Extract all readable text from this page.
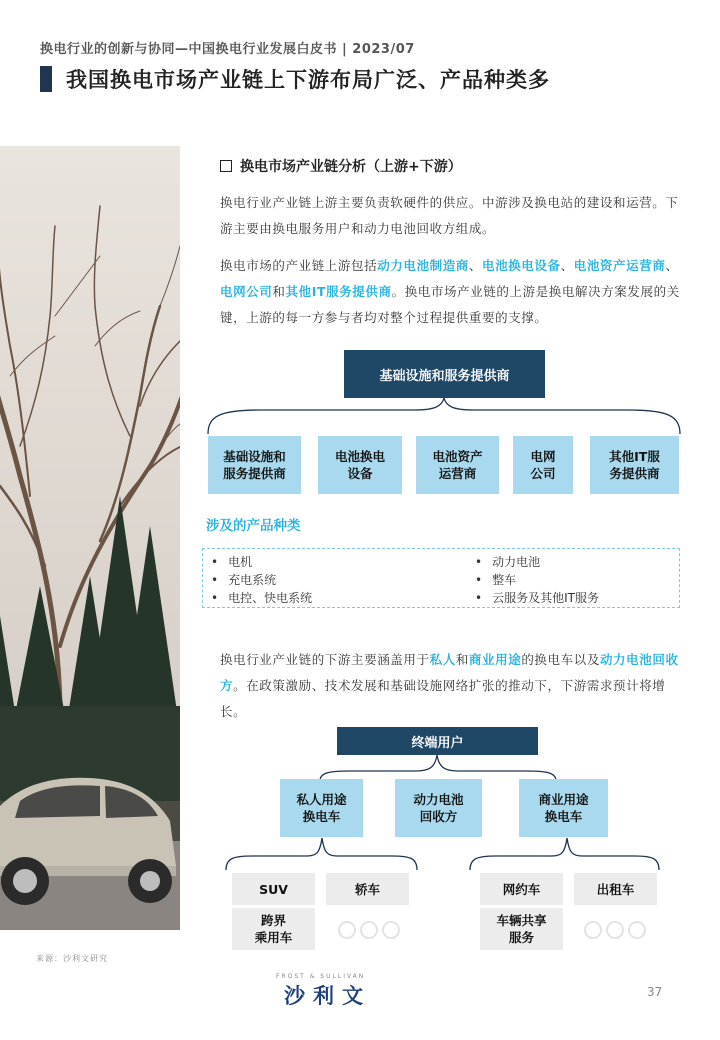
换电行业的创新与协同—中国换电行业发展白皮书 | 2023/07
我国换电市场产业链上下游布局广泛、产品种类多
换电市场产业链分析（上游+下游）
换电行业产业链上游主要负责软硬件的供应。中游涉及换电站的建设和运营。下游主要由换电服务用户和动力电池回收方组成。
换电市场的产业链上游包括动力电池制造商、电池换电设备、电池资产运营商、电网公司和其他IT服务提供商。换电市场产业链的上游是换电解决方案发展的关键，上游的每一方参与者均对整个过程提供重要的支撑。
基础设施和服务提供商
基础设施和
服务提供商
电池换电
设备
电池资产
运营商
电网
公司
其他IT服
务提供商
涉及的产品种类
• 电机
• 充电系统
• 电控、快电系统
• 动力电池
• 整车
• 云服务及其他IT服务
换电行业产业链的下游主要涵盖用于私人和商业用途的换电车以及动力电池回收方。在政策激励、技术发展和基础设施网络扩张的推动下，下游需求预计将增长。
终端用户
私人用途
换电车
动力电池
回收方
商业用途
换电车
SUV	轿车
跨界
乘用车
网约车	出租车
车辆共享
服务
来源：沙利文研究
FROST & SULLIVAN
沙利文	37
